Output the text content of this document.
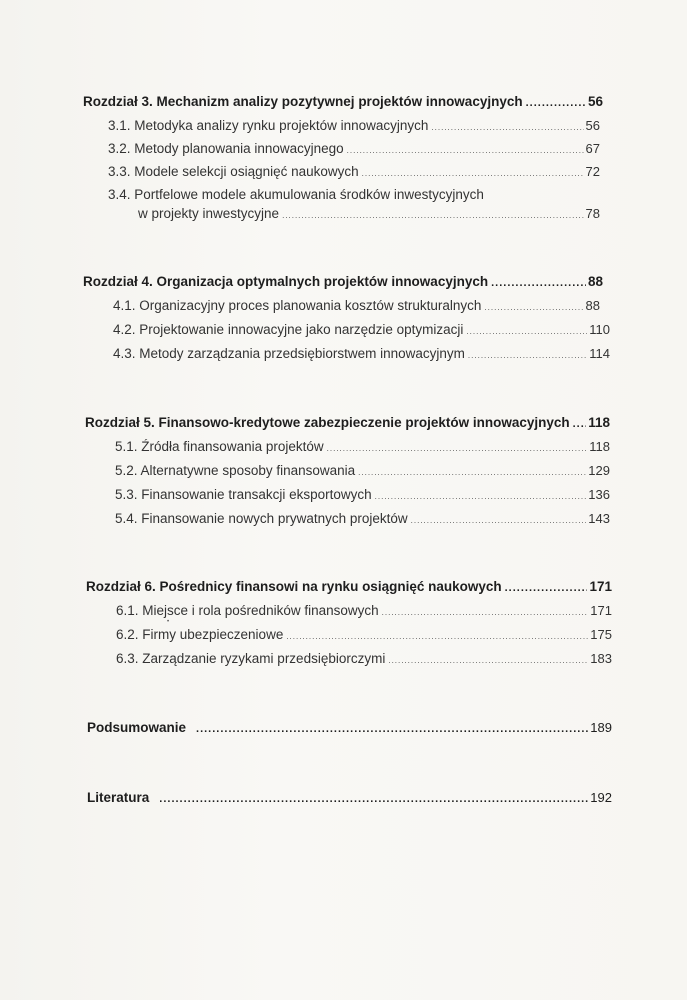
Rozdział 3. Mechanizm analizy pozytywnej projektów innowacyjnych .....	56
3.1. Metodyka analizy rynku projektów innowacyjnych .....	56
3.2. Metody planowania innowacyjnego .....	67
3.3. Modele selekcji osiągnięć naukowych .....	72
3.4. Portfelowe modele akumulowania środków inwestycyjnych
w projekty inwestycyjne .....	78
Rozdział 4. Organizacja optymalnych projektów innowacyjnych .....	88
4.1. Organizacyjny proces planowania kosztów strukturalnych .....	88
4.2. Projektowanie innowacyjne jako narzędzie optymizacji .....	110
4.3. Metody zarządzania przedsiębiorstwem innowacyjnym .....	114
Rozdział 5. Finansowo-kredytowe zabezpieczenie projektów innowacyjnych ..... 118
5.1. Źródła finansowania projektów .....	118
5.2. Alternatywne sposoby finansowania .....	129
5.3. Finansowanie transakcji eksportowych .....	136
5.4. Finansowanie nowych prywatnych projektów .....	143
Rozdział 6. Pośrednicy finansowi na rynku osiągnięć naukowych .....	171
6.1. Miejsce i rola pośredników finansowych .....	171
•
6.2. Firmy ubezpieczeniowe .....	175
6.3. Zarządzanie ryzykami przedsiębiorczymi .....	183
Podsumowanie .....	189
Literatura .....	192
